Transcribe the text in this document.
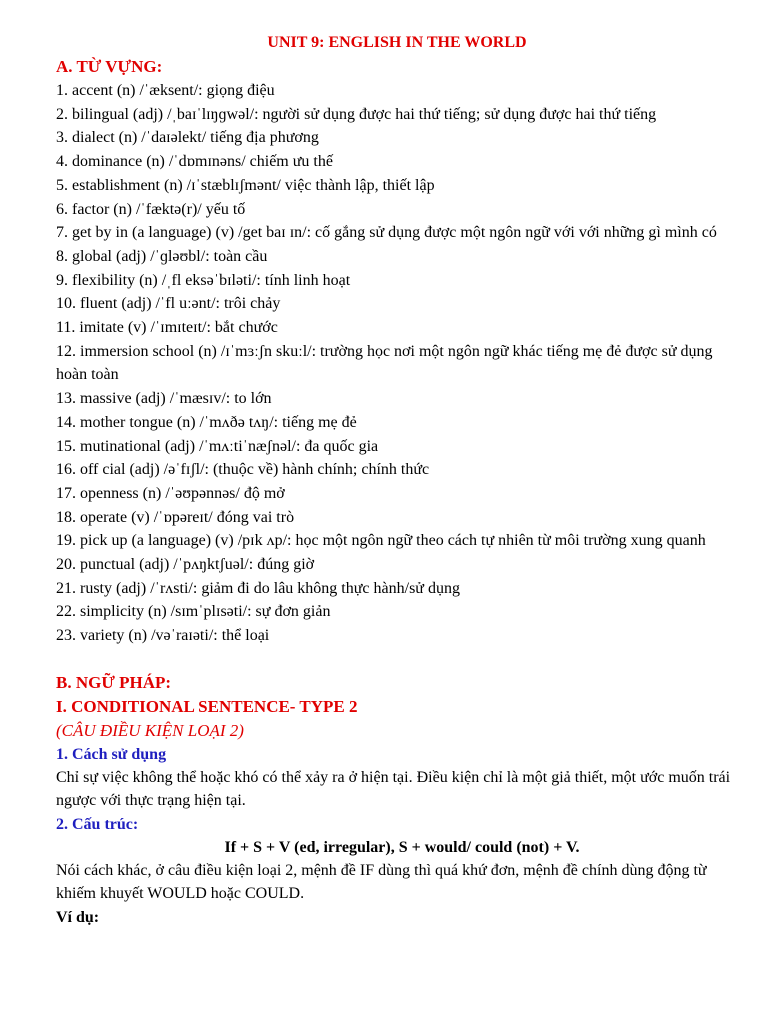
UNIT 9: ENGLISH IN THE WORLD
A. TỪ VỰNG:
1. accent (n) /ˈæksent/: giọng điệu
2. bilingual (adj) /ˌbaɪˈlɪŋɡwəl/: người sử dụng được hai thứ tiếng; sử dụng được hai thứ tiếng
3. dialect (n) /ˈdaɪəlekt/ tiếng địa phương
4. dominance (n) /ˈdɒmɪnəns/ chiếm ưu thế
5. establishment (n) /ɪˈstæblɪʃmənt/ việc thành lập, thiết lập
6. factor (n) /ˈfæktə(r)/ yếu tố
7. get by in (a language) (v) /get baɪ ɪn/: cố gắng sử dụng được một ngôn ngữ với với những gì mình có
8. global (adj) /ˈɡləʊbl/: toàn cầu
9. flexibility (n) /ˌfl eksəˈbɪləti/: tính linh hoạt
10. fluent (adj) /ˈfl uːənt/: trôi chảy
11. imitate (v) /ˈɪmɪteɪt/: bắt chước
12. immersion school (n) /ɪˈmɜːʃn skuːl/: trường học nơi một ngôn ngữ khác tiếng mẹ đẻ được sử dụng hoàn toàn
13. massive (adj) /ˈmæsɪv/: to lớn
14. mother tongue (n) /ˈmʌðə tʌŋ/: tiếng mẹ đẻ
15. mutinational (adj) /ˈmʌːtiˈnæʃnəl/: đa quốc gia
16. off cial (adj) /əˈfɪʃl/: (thuộc về) hành chính; chính thức
17. openness (n) /ˈəʊpənnəs/ độ mở
18. operate (v) /ˈɒpəreɪt/ đóng vai trò
19. pick up (a language) (v) /pɪk ʌp/: học một ngôn ngữ theo cách tự nhiên từ môi trường xung quanh
20. punctual (adj) /ˈpʌŋktʃuəl/: đúng giờ
21. rusty (adj) /ˈrʌsti/: giảm đi do lâu không thực hành/sử dụng
22. simplicity (n) /sɪmˈplɪsəti/: sự đơn giản
23. variety (n) /vəˈraɪəti/: thể loại
B. NGỮ PHÁP:
I. CONDITIONAL SENTENCE- TYPE 2
(CÂU ĐIỀU KIỆN LOẠI 2)
1. Cách sử dụng

Chỉ sự việc không thể hoặc khó có thể xảy ra ở hiện tại. Điều kiện chỉ là một giả thiết, một ước muốn trái ngược với thực trạng hiện tại.

2. Cấu trúc:
If + S + V (ed, irregular), S + would/ could (not) + V.

Nói cách khác, ở câu điều kiện loại 2, mệnh đề IF dùng thì quá khứ đơn, mệnh đề chính dùng động từ khiếm khuyết WOULD hoặc COULD.

Ví dụ:
